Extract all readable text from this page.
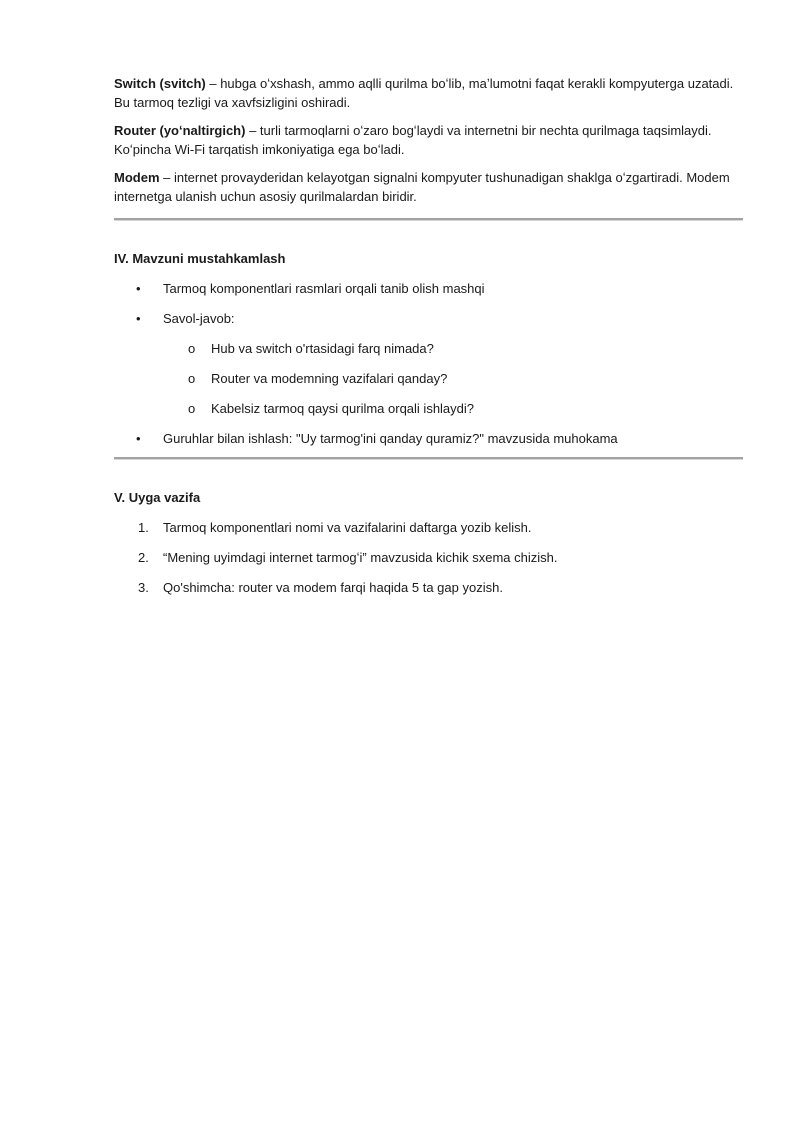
Switch (svitch) – hubga oʻxshash, ammo aqlli qurilma boʻlib, maʼlumotni faqat kerakli kompyuterga uzatadi. Bu tarmoq tezligi va xavfsizligini oshiradi.

Router (yoʻnaltirgich) – turli tarmoqlarni oʻzaro bogʻlaydi va internetni bir nechta qurilmaga taqsimlaydi. Koʻpincha Wi-Fi tarqatish imkoniyatiga ega boʻladi.

Modem – internet provayderidan kelayotgan signalni kompyuter tushunadigan shaklga oʻzgartiradi. Modem internetga ulanish uchun asosiy qurilmalardan biridir.

IV. Mavzuni mustahkamlash
• Tarmoq komponentlari rasmlari orqali tanib olish mashqi
• Savol-javob:
o Hub va switch o'rtasidagi farq nimada?
o Router va modemning vazifalari qanday?
o Kabelsiz tarmoq qaysi qurilma orqali ishlaydi?
• Guruhlar bilan ishlash: "Uy tarmog'ini qanday quramiz?" mavzusida muhokama
V. Uyga vazifa
1. Tarmoq komponentlari nomi va vazifalarini daftarga yozib kelish.
2. “Mening uyimdagi internet tarmogʻi” mavzusida kichik sxema chizish.
3. Qo'shimcha: router va modem farqi haqida 5 ta gap yozish.
